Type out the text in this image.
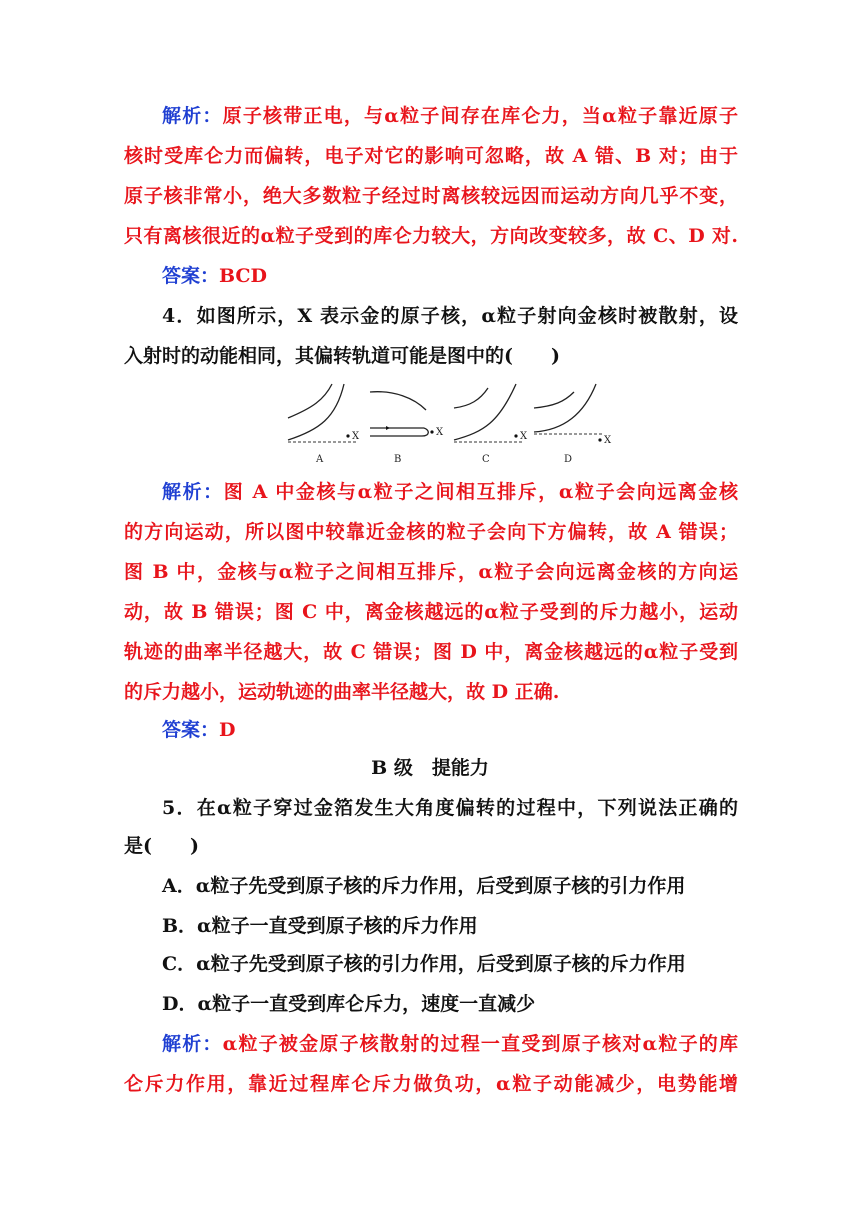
解析：原子核带正电，与α粒子间存在库仑力，当α粒子靠近原子
核时受库仑力而偏转，电子对它的影响可忽略，故 A 错、B 对；由于
原子核非常小，绝大多数粒子经过时离核较远因而运动方向几乎不变，
只有离核很近的α粒子受到的库仑力较大，方向改变较多，故 C、D 对.
答案：BCD
4．如图所示，X 表示金的原子核，α粒子射向金核时被散射，设
入射时的动能相同，其偏转轨道可能是图中的(　　)
X
A
X
B
X
C
X
D
解析：图 A 中金核与α粒子之间相互排斥，α粒子会向远离金核
的方向运动，所以图中较靠近金核的粒子会向下方偏转，故 A 错误；
图 B 中，金核与α粒子之间相互排斥，α粒子会向远离金核的方向运
动，故 B 错误；图 C 中，离金核越远的α粒子受到的斥力越小，运动
轨迹的曲率半径越大，故 C 错误；图 D 中，离金核越远的α粒子受到
的斥力越小，运动轨迹的曲率半径越大，故 D 正确.
答案：D
B 级　提能力
5．在α粒子穿过金箔发生大角度偏转的过程中，下列说法正确的
是(　　)
A．α粒子先受到原子核的斥力作用，后受到原子核的引力作用
B．α粒子一直受到原子核的斥力作用
C．α粒子先受到原子核的引力作用，后受到原子核的斥力作用
D．α粒子一直受到库仑斥力，速度一直减少
解析：α粒子被金原子核散射的过程一直受到原子核对α粒子的库
仑斥力作用，靠近过程库仑斥力做负功，α粒子动能减少，电势能增
